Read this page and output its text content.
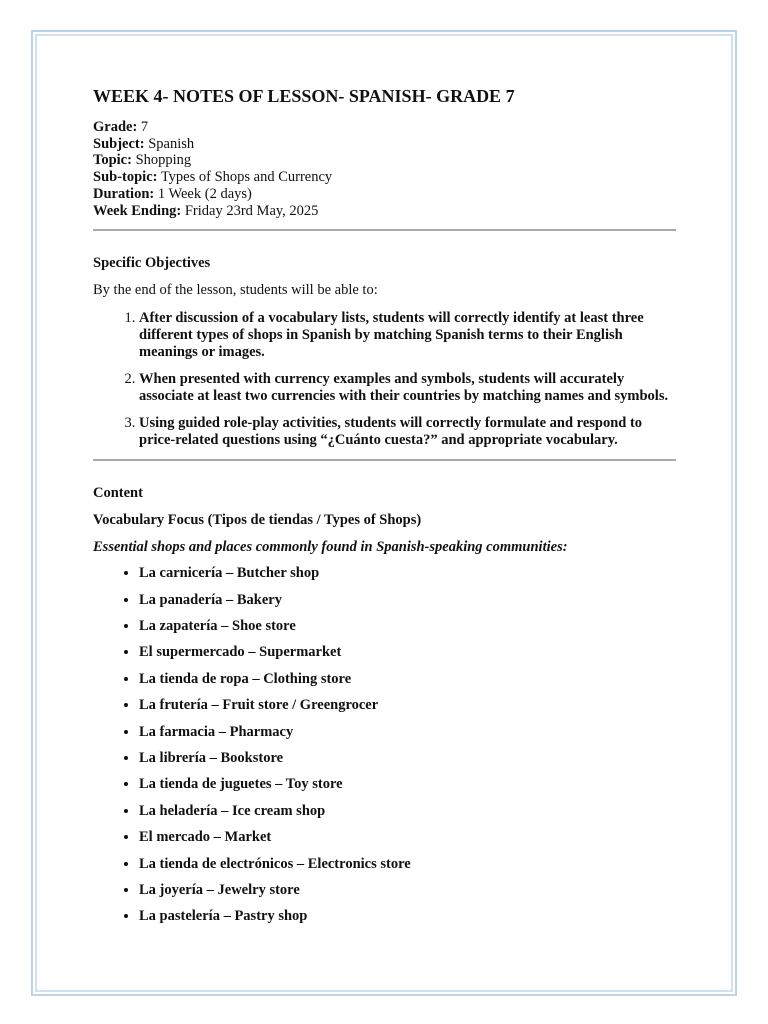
WEEK 4- NOTES OF LESSON- SPANISH- GRADE 7
Grade: 7
Subject: Spanish
Topic: Shopping
Sub-topic: Types of Shops and Currency
Duration: 1 Week (2 days)
Week Ending: Friday 23rd May, 2025
Specific Objectives
By the end of the lesson, students will be able to:
1. After discussion of a vocabulary lists, students will correctly identify at least three different types of shops in Spanish by matching Spanish terms to their English meanings or images.
2. When presented with currency examples and symbols, students will accurately associate at least two currencies with their countries by matching names and symbols.
3. Using guided role-play activities, students will correctly formulate and respond to price-related questions using “¿Cuánto cuesta?” and appropriate vocabulary.
Content
Vocabulary Focus (Tipos de tiendas / Types of Shops)
Essential shops and places commonly found in Spanish-speaking communities:
• La carnicería – Butcher shop
• La panadería – Bakery
• La zapatería – Shoe store
• El supermercado – Supermarket
• La tienda de ropa – Clothing store
• La frutería – Fruit store / Greengrocer
• La farmacia – Pharmacy
• La librería – Bookstore
• La tienda de juguetes – Toy store
• La heladería – Ice cream shop
• El mercado – Market
• La tienda de electrónicos – Electronics store
• La joyería – Jewelry store
• La pastelería – Pastry shop
